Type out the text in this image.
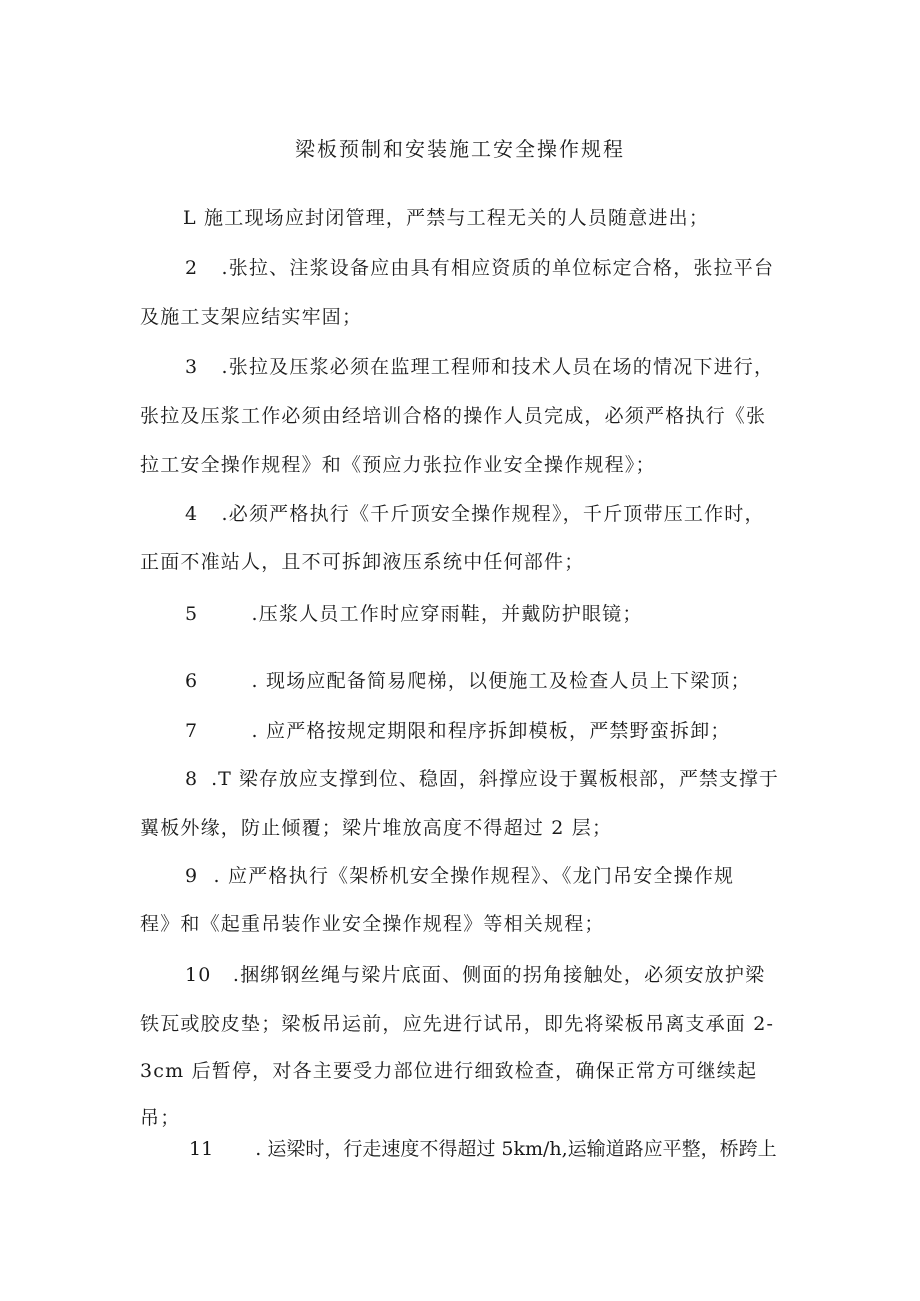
梁板预制和安装施工安全操作规程
L 施工现场应封闭管理，严禁与工程无关的人员随意进出；
2 .张拉、注浆设备应由具有相应资质的单位标定合格，张拉平台
及施工支架应结实牢固；
3 .张拉及压浆必须在监理工程师和技术人员在场的情况下进行，
张拉及压浆工作必须由经培训合格的操作人员完成，必须严格执行《张
拉工安全操作规程》和《预应力张拉作业安全操作规程》；
4 .必须严格执行《千斤顶安全操作规程》，千斤顶带压工作时，
正面不准站人，且不可拆卸液压系统中任何部件；
5	.压浆人员工作时应穿雨鞋，并戴防护眼镜；
6	. 现场应配备简易爬梯，以便施工及检查人员上下梁顶；
7	. 应严格按规定期限和程序拆卸模板，严禁野蛮拆卸；
8 .T 梁存放应支撑到位、稳固，斜撑应设于翼板根部，严禁支撑于
翼板外缘，防止倾覆；梁片堆放高度不得超过 2 层；
9 . 应严格执行《架桥机安全操作规程》、《龙门吊安全操作规
程》和《起重吊装作业安全操作规程》等相关规程；
10 .捆绑钢丝绳与梁片底面、侧面的拐角接触处，必须安放护梁
铁瓦或胶皮垫；梁板吊运前，应先进行试吊，即先将梁板吊离支承面 2-
3cm 后暂停，对各主要受力部位进行细致检查，确保正常方可继续起
吊；
11 . 运梁时，行走速度不得超过 5km/h,运输道路应平整，桥跨上
